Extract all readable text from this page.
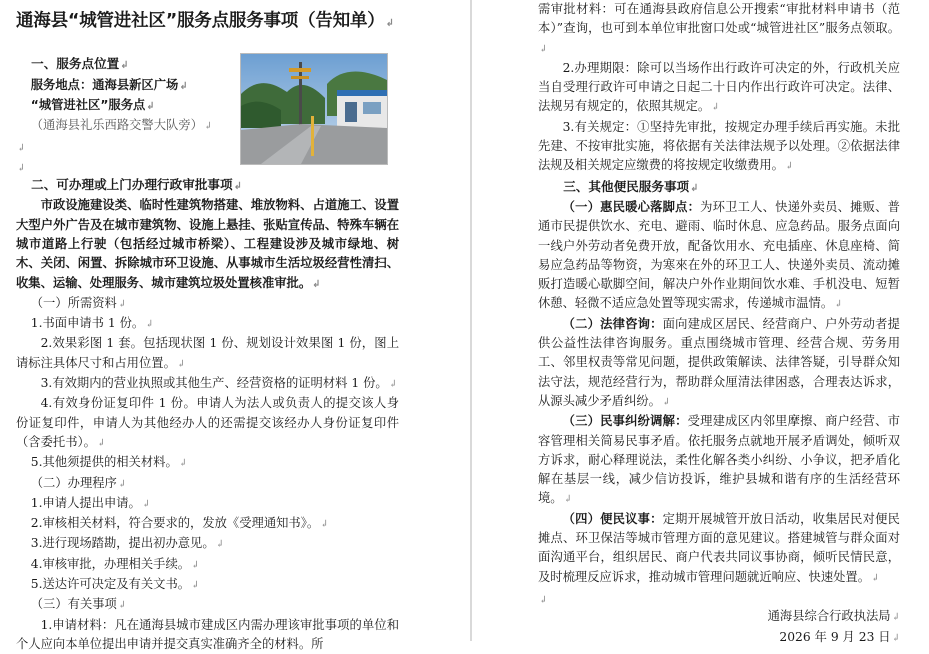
通海县“城管进社区”服务点服务事项（告知单）↲

一、服务点位置↲

服务地点：通海县新区广场↲

“城管进社区”服务点↲

（通海县礼乐西路交警大队旁）↲

↲
↲

二、可办理或上门办理行政审批事项↲

市政设施建设类、临时性建筑物搭建、堆放物料、占道施工、设置大型户外广告及在城市建筑物、设施上悬挂、张贴宣传品、特殊车辆在城市道路上行驶（包括经过城市桥梁）、工程建设涉及城市绿地、树木、关闭、闲置、拆除城市环卫设施、从事城市生活垃圾经营性清扫、收集、运输、处理服务、城市建筑垃圾处置核准审批。↲

（一）所需资料↲

1.书面申请书 1 份。↲

2.效果彩图 1 套。包括现状图 1 份、规划设计效果图 1 份，图上请标注具体尺寸和占用位置。↲

3.有效期内的营业执照或其他生产、经营资格的证明材料 1 份。↲

4.有效身份证复印件 1 份。申请人为法人或负责人的提交该人身份证复印件，申请人为其他经办人的还需提交该经办人身份证复印件（含委托书）。↲

5.其他须提供的相关材料。↲

（二）办理程序↲

1.申请人提出申请。↲

2.审核相关材料，符合要求的，发放《受理通知书》。↲

3.进行现场踏勘，提出初办意见。↲

4.审核审批，办理相关手续。↲

5.送达许可决定及有关文书。↲

（三）有关事项↲

1.申请材料：凡在通海县城市建成区内需办理该审批事项的单位和个人应向本单位提出申请并提交真实准确齐全的材料。所

需审批材料：可在通海县政府信息公开搜索“审批材料申请书（范本）”查询，也可到本单位审批窗口处或“城管进社区”服务点领取。↲

2.办理期限：除可以当场作出行政许可决定的外，行政机关应当自受理行政许可申请之日起二十日内作出行政许可决定。法律、法规另有规定的，依照其规定。↲

3.有关规定：①坚持先审批，按规定办理手续后再实施。未批先建、不按审批实施，将依据有关法律法规予以处理。②依据法律法规及相关规定应缴费的将按规定收缴费用。↲

三、其他便民服务事项↲

（一）惠民暖心落脚点：为环卫工人、快递外卖员、摊贩、普通市民提供饮水、充电、避雨、临时休息、应急药品。服务点面向一线户外劳动者免费开放，配备饮用水、充电插座、休息座椅、简易应急药品等物资，为寒來在外的环卫工人、快递外卖员、流动摊贩打造暖心歇脚空间，解决户外作业期间饮水难、手机没电、短暂休憩、轻微不适应急处置等现实需求，传递城市温情。↲

（二）法律咨询：面向建成区居民、经营商户、户外劳动者提供公益性法律咨询服务。重点围绕城市管理、经营合规、劳务用工、邻里权责等常见问题，提供政策解读、法律答疑，引导群众知法守法，规范经营行为，帮助群众厘清法律困惑，合理表达诉求，从源头减少矛盾纠纷。↲

（三）民事纠纷调解：受理建成区内邻里摩擦、商户经营、市容管理相关简易民事矛盾。依托服务点就地开展矛盾调处，倾听双方诉求，耐心释理说法，柔性化解各类小纠纷、小争议，把矛盾化解在基层一线，减少信访投诉，维护县城和谐有序的生活经营环境。↲

（四）便民议事：定期开展城管开放日活动，收集居民对便民摊点、环卫保洁等城市管理方面的意见建议。搭建城管与群众面对面沟通平台，组织居民、商户代表共同议事协商，倾听民情民意，及时梳理反应诉求，推动城市管理问题就近响应、快速处置。↲

↲

通海县综合行政执法局↲

2026 年 9 月 23 日↲
